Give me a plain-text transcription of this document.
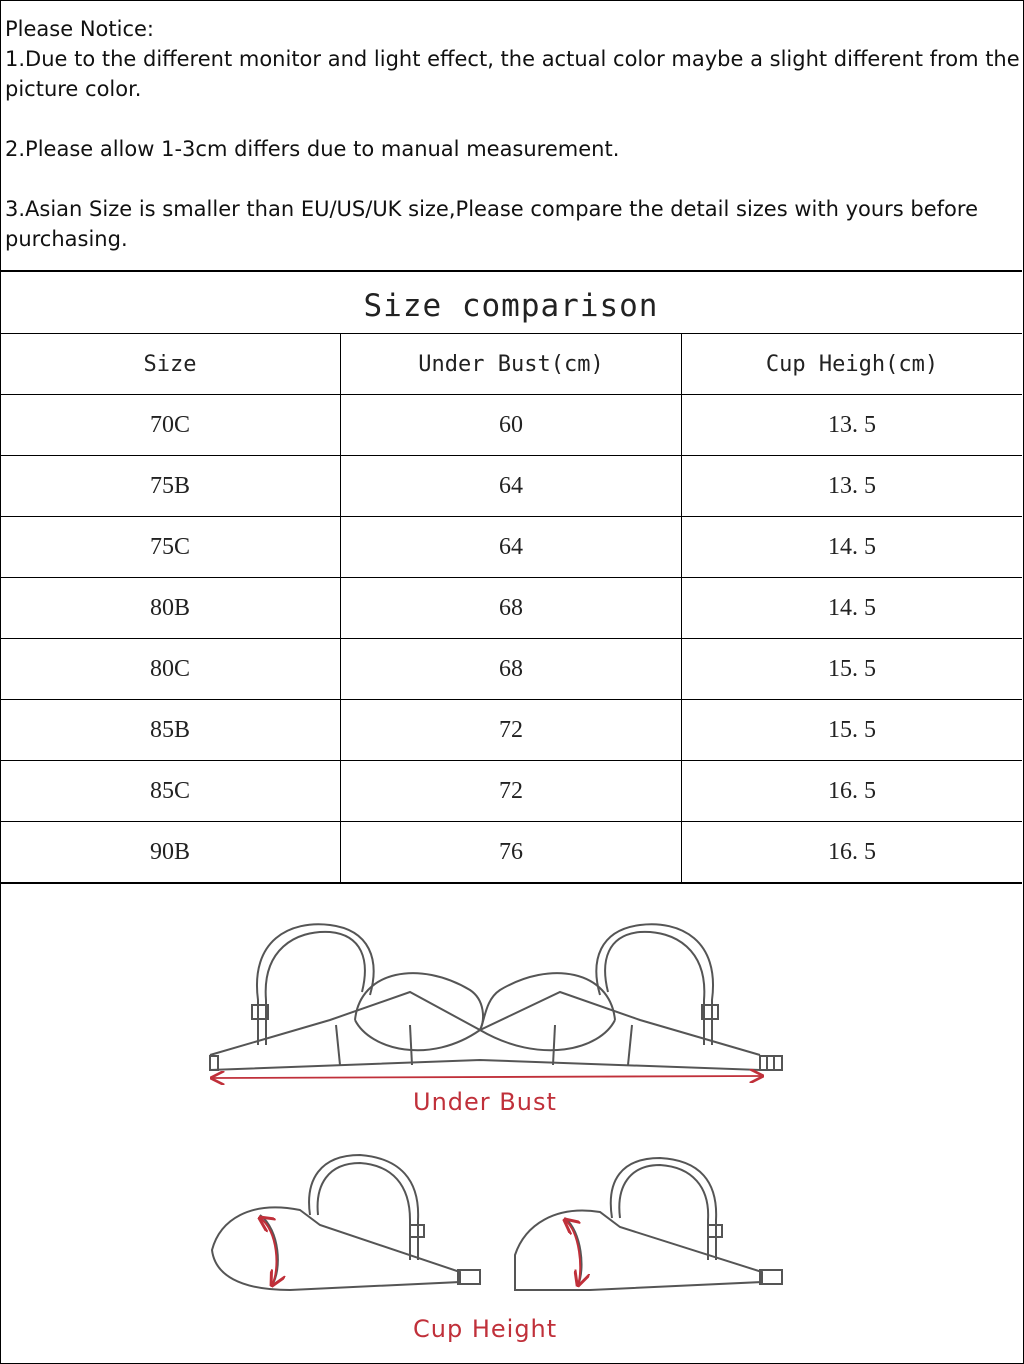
Please Notice:

1.Due to the different monitor and light effect, the actual color maybe a slight different from the picture color.

2.Please allow 1-3cm differs due to manual measurement.

3.Asian Size is smaller than EU/US/UK size,Please compare the detail sizes with yours before purchasing.

Size comparison
Size	Under Bust(cm)	Cup Heigh(cm)
70C	60	13. 5
75B	64	13. 5
75C	64	14. 5
80B	68	14. 5
80C	68	15. 5
85B	72	15. 5
85C	72	16. 5
90B	76	16. 5
Under Bust
Cup Height
